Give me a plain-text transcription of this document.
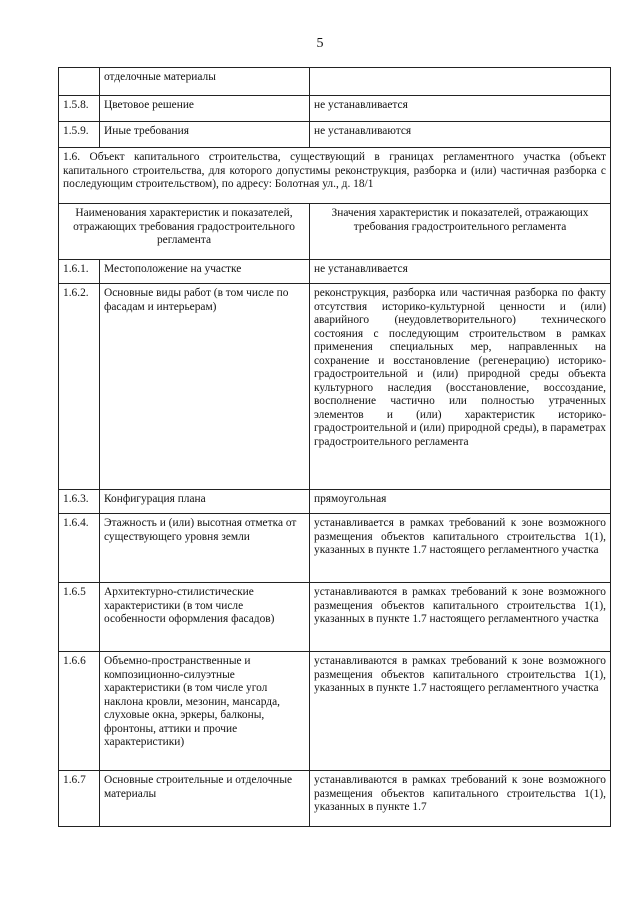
5
	отделочные материалы	
1.5.8.	Цветовое решение	не устанавливается
1.5.9.	Иные требования	не устанавливаются
1.6. Объект капитального строительства, существующий в границах регламентного участка (объект капитального строительства, для которого допустимы реконструкция, разборка и (или) частичная разборка с последующим строительством), по адресу: Болотная ул., д. 18/1		
Наименования характеристик и показателей, отражающих требования градостроительного регламента		Значения характеристик и показателей, отражающих требования градостроительного регламента
1.6.1.	Местоположение на участке	не устанавливается
1.6.2.	Основные виды работ (в том числе по фасадам и интерьерам)	реконструкция, разборка или частичная разборка по факту отсутствия историко-культурной ценности и (или) аварийного (неудовлетворительного) технического состояния с последующим строительством в рамках применения специальных мер, направленных на сохранение и восстановление (регенерацию) историко-градостроительной и (или) природной среды объекта культурного наследия (восстановление, воссоздание, восполнение частично или полностью утраченных элементов и (или) характеристик историко-градостроительной и (или) природной среды), в параметрах градостроительного регламента
1.6.3.	Конфигурация плана	прямоугольная
1.6.4.	Этажность и (или) высотная отметка от существующего уровня земли	устанавливается в рамках требований к зоне возможного размещения объектов капитального строительства 1(1), указанных в пункте 1.7 настоящего регламентного участка
1.6.5	Архитектурно-стилистические характеристики (в том числе особенности оформления фасадов)	устанавливаются в рамках требований к зоне возможного размещения объектов капитального строительства 1(1), указанных в пункте 1.7 настоящего регламентного участка
1.6.6	Объемно-пространственные и композиционно-силуэтные характеристики (в том числе угол наклона кровли, мезонин, мансарда, слуховые окна, эркеры, балконы, фронтоны, аттики и прочие характеристики)	устанавливаются в рамках требований к зоне возможного размещения объектов капитального строительства 1(1), указанных в пункте 1.7 настоящего регламентного участка
1.6.7	Основные строительные и отделочные материалы	устанавливаются в рамках требований к зоне возможного размещения объектов капитального строительства 1(1), указанных в пункте 1.7
